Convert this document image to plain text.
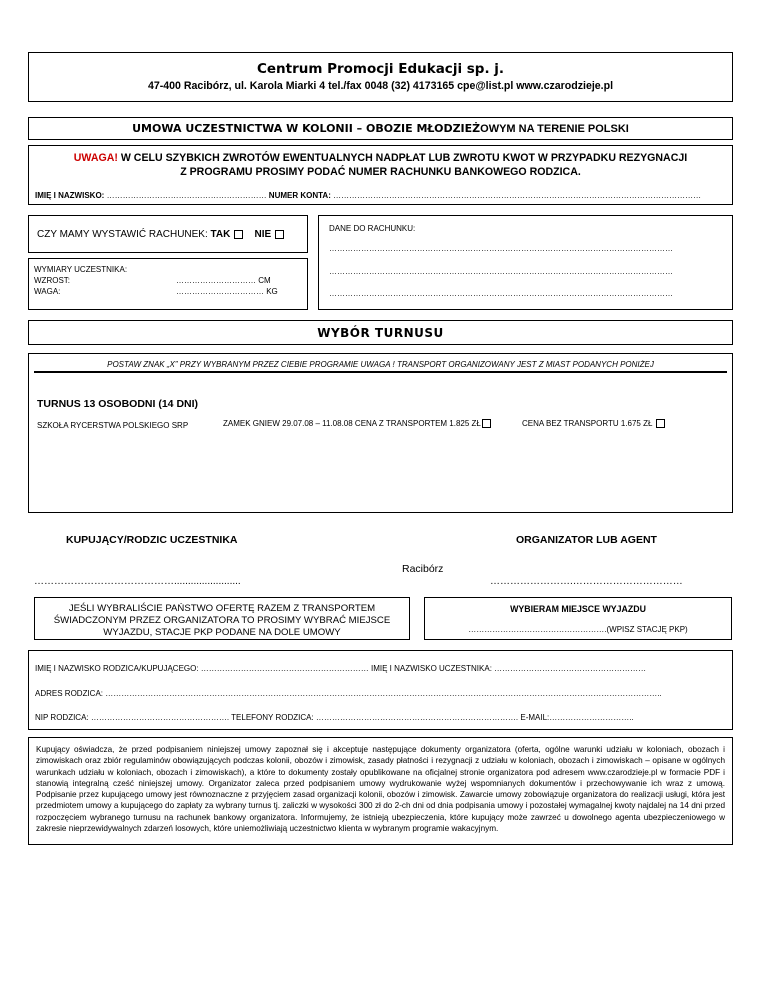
Centrum Promocji Edukacji sp. j.
47-400 Racibórz, ul. Karola Miarki 4 tel./fax 0048 (32) 4173165 cpe@list.pl www.czarodzieje.pl
UMOWA UCZESTNICTWA W KOLONII – OBOZIE MŁODZIEŻOWYM NA TERENIE POLSKI
UWAGA! W CELU SZYBKICH ZWROTÓW EWENTUALNYCH NADPŁAT LUB ZWROTU KWOT W PRZYPADKU REZYGNACJI
Z PROGRAMU PROSIMY PODAĆ NUMER RACHUNKU BANKOWEGO RODZICA.
IMIĘ I NAZWISKO: …………………………………………………… NUMER KONTA: …………………………………………………………………………………………………………………………
CZY MAMY WYSTAWIĆ RACHUNEK: TAK NIE
WYMIARY UCZESTNIKA:
WZROST:	………………………… CM
WAGA:	…………………………… KG
DANE DO RACHUNKU:
…………………………………………………………………………………………………………………
…………………………………………………………………………………………………………………
…………………………………………………………………………………………………………………
WYBÓR TURNUSU
POSTAW ZNAK „X” PRZY WYBRANYM PRZEZ CIEBIE PROGRAMIE UWAGA ! TRANSPORT ORGANIZOWANY JEST Z MIAST PODANYCH PONIŻEJ
TURNUS 13 OSOBODNI (14 DNI)
SZKOŁA RYCERSTWA POLSKIEGO SRP	ZAMEK GNIEW 29.07.08 – 11.08.08 CENA Z TRANSPORTEM 1.825 ZŁ	CENA BEZ TRANSPORTU 1.675 ZŁ
KUPUJĄCY/RODZIC UCZESTNIKA	ORGANIZATOR LUB AGENT
Racibórz
……………………………………........................	…………………….……………………………
JEŚLI WYBRALIŚCIE PAŃSTWO OFERTĘ RAZEM Z TRANSPORTEM
ŚWIADCZONYM PRZEZ ORGANIZATORA TO PROSIMY WYBRAĆ MIEJSCE
WYJAZDU, STACJE PKP PODANE NA DOLE UMOWY
WYBIERAM MIEJSCE WYJAZDU
…………………………………………….(WPISZ STACJĘ PKP)
IMIĘ I NAZWISKO RODZICA/KUPUJĄCEGO: ……………………………………………………… IMIĘ I NAZWISKO UCZESTNIKA: …………………………………………………
ADRES RODZICA: ………………………………………………………………………………………………………………………………………………………………………………………..
NIP RODZICA: ……………………………………………. TELEFONY RODZICA: …………………………………………………………………. E-MAIL:…………………………..
Kupujący oświadcza, że przed podpisaniem niniejszej umowy zapoznał się i akceptuje następujące dokumenty organizatora (oferta, ogólne warunki udziału w koloniach, obozach i zimowiskach oraz zbiór regulaminów obowiązujących podczas kolonii, obozów i zimowisk, zasady płatności i rezygnacji z udziału w koloniach, obozach i zimowiskach – opisane w ogólnych warunkach udziału w koloniach, obozach i zimowiskach), a które to dokumenty zostały opublikowane na oficjalnej stronie organizatora pod adresem www.czarodzieje.pl w formacie PDF i stanowią integralną cześć niniejszej umowy. Organizator zaleca przed podpisaniem umowy wydrukowanie wyżej wspomnianych dokumentów i przechowywanie ich wraz z umową. Podpisanie przez kupującego umowy jest równoznaczne z przyjęciem zasad organizacji kolonii, obozów i zimowisk. Zawarcie umowy zobowiązuje organizatora do realizacji usługi, która jest przedmiotem umowy a kupującego do zapłaty za wybrany turnus tj. zaliczki w wysokości 300 zł do 2-ch dni od dnia podpisania umowy i pozostałej wymagalnej kwoty najdalej na 14 dni przed rozpoczęciem wybranego turnusu na rachunek bankowy organizatora. Informujemy, że istnieją ubezpieczenia, które kupujący może zawrzeć u dowolnego agenta ubezpieczeniowego w zakresie nieprzewidywalnych zdarzeń losowych, które uniemożliwiają uczestnictwo klienta w wybranym programie wakacyjnym.
